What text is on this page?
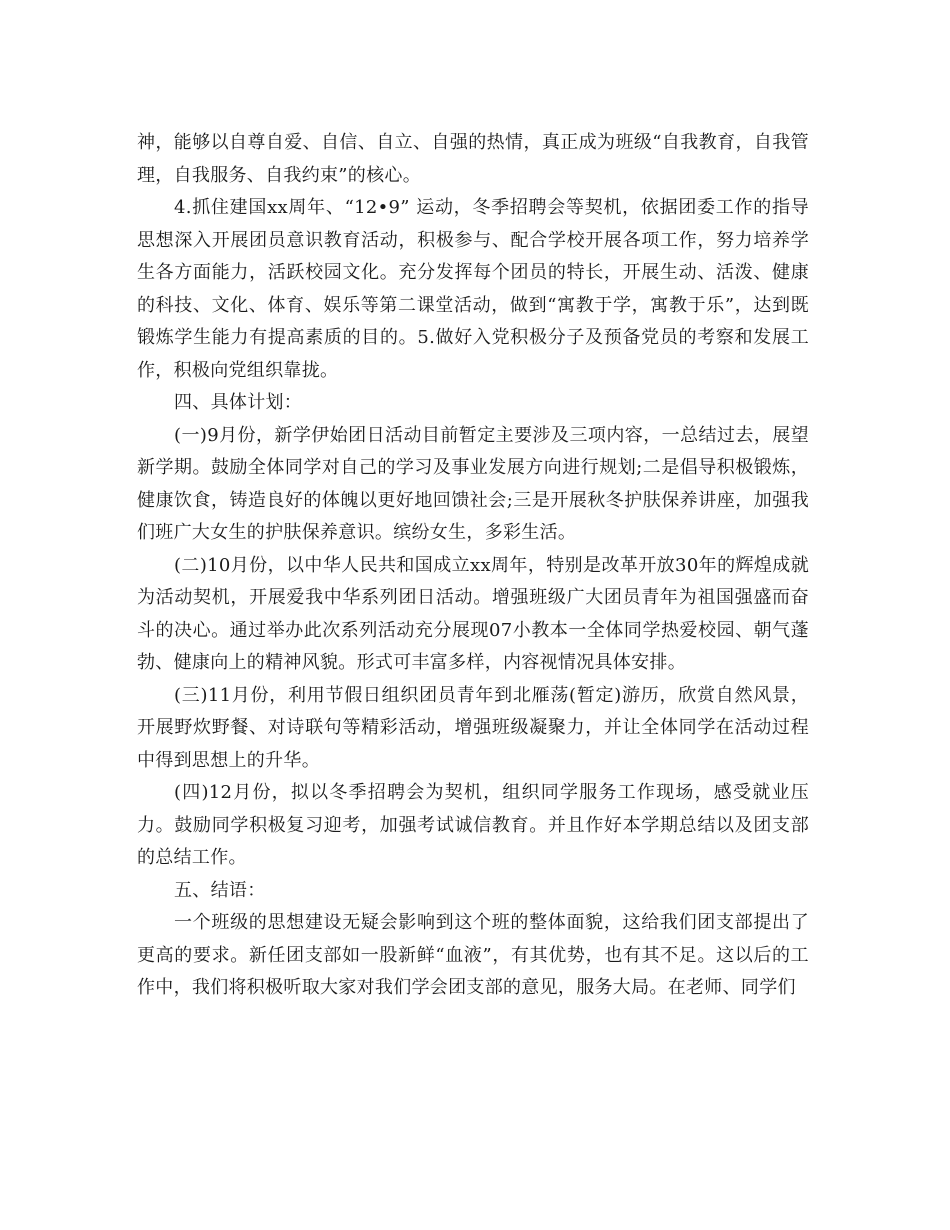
神，能够以自尊自爱、自信、自立、自强的热情，真正成为班级“自我教育，自我管理，自我服务、自我约束”的核心。

4.抓住建国xx周年、“12•9” 运动，冬季招聘会等契机，依据团委工作的指导思想深入开展团员意识教育活动，积极参与、配合学校开展各项工作，努力培养学生各方面能力，活跃校园文化。充分发挥每个团员的特长，开展生动、活泼、健康的科技、文化、体育、娱乐等第二课堂活动，做到“寓教于学，寓教于乐”，达到既锻炼学生能力有提高素质的目的。5.做好入党积极分子及预备党员的考察和发展工作，积极向党组织靠拢。

四、具体计划：

(一)9月份，新学伊始团日活动目前暂定主要涉及三项内容，一总结过去，展望新学期。鼓励全体同学对自己的学习及事业发展方向进行规划;二是倡导积极锻炼，健康饮食，铸造良好的体魄以更好地回馈社会;三是开展秋冬护肤保养讲座，加强我们班广大女生的护肤保养意识。缤纷女生，多彩生活。

(二)10月份，以中华人民共和国成立xx周年，特别是改革开放30年的辉煌成就为活动契机，开展爱我中华系列团日活动。增强班级广大团员青年为祖国强盛而奋斗的决心。通过举办此次系列活动充分展现07小教本一全体同学热爱校园、朝气蓬勃、健康向上的精神风貌。形式可丰富多样，内容视情况具体安排。

(三)11月份，利用节假日组织团员青年到北雁荡(暂定)游历，欣赏自然风景，开展野炊野餐、对诗联句等精彩活动，增强班级凝聚力，并让全体同学在活动过程中得到思想上的升华。

(四)12月份，拟以冬季招聘会为契机，组织同学服务工作现场，感受就业压力。鼓励同学积极复习迎考，加强考试诚信教育。并且作好本学期总结以及团支部的总结工作。

五、结语：

一个班级的思想建设无疑会影响到这个班的整体面貌，这给我们团支部提出了更高的要求。新任团支部如一股新鲜“血液”，有其优势，也有其不足。这以后的工作中，我们将积极听取大家对我们学会团支部的意见，服务大局。在老师、同学们
